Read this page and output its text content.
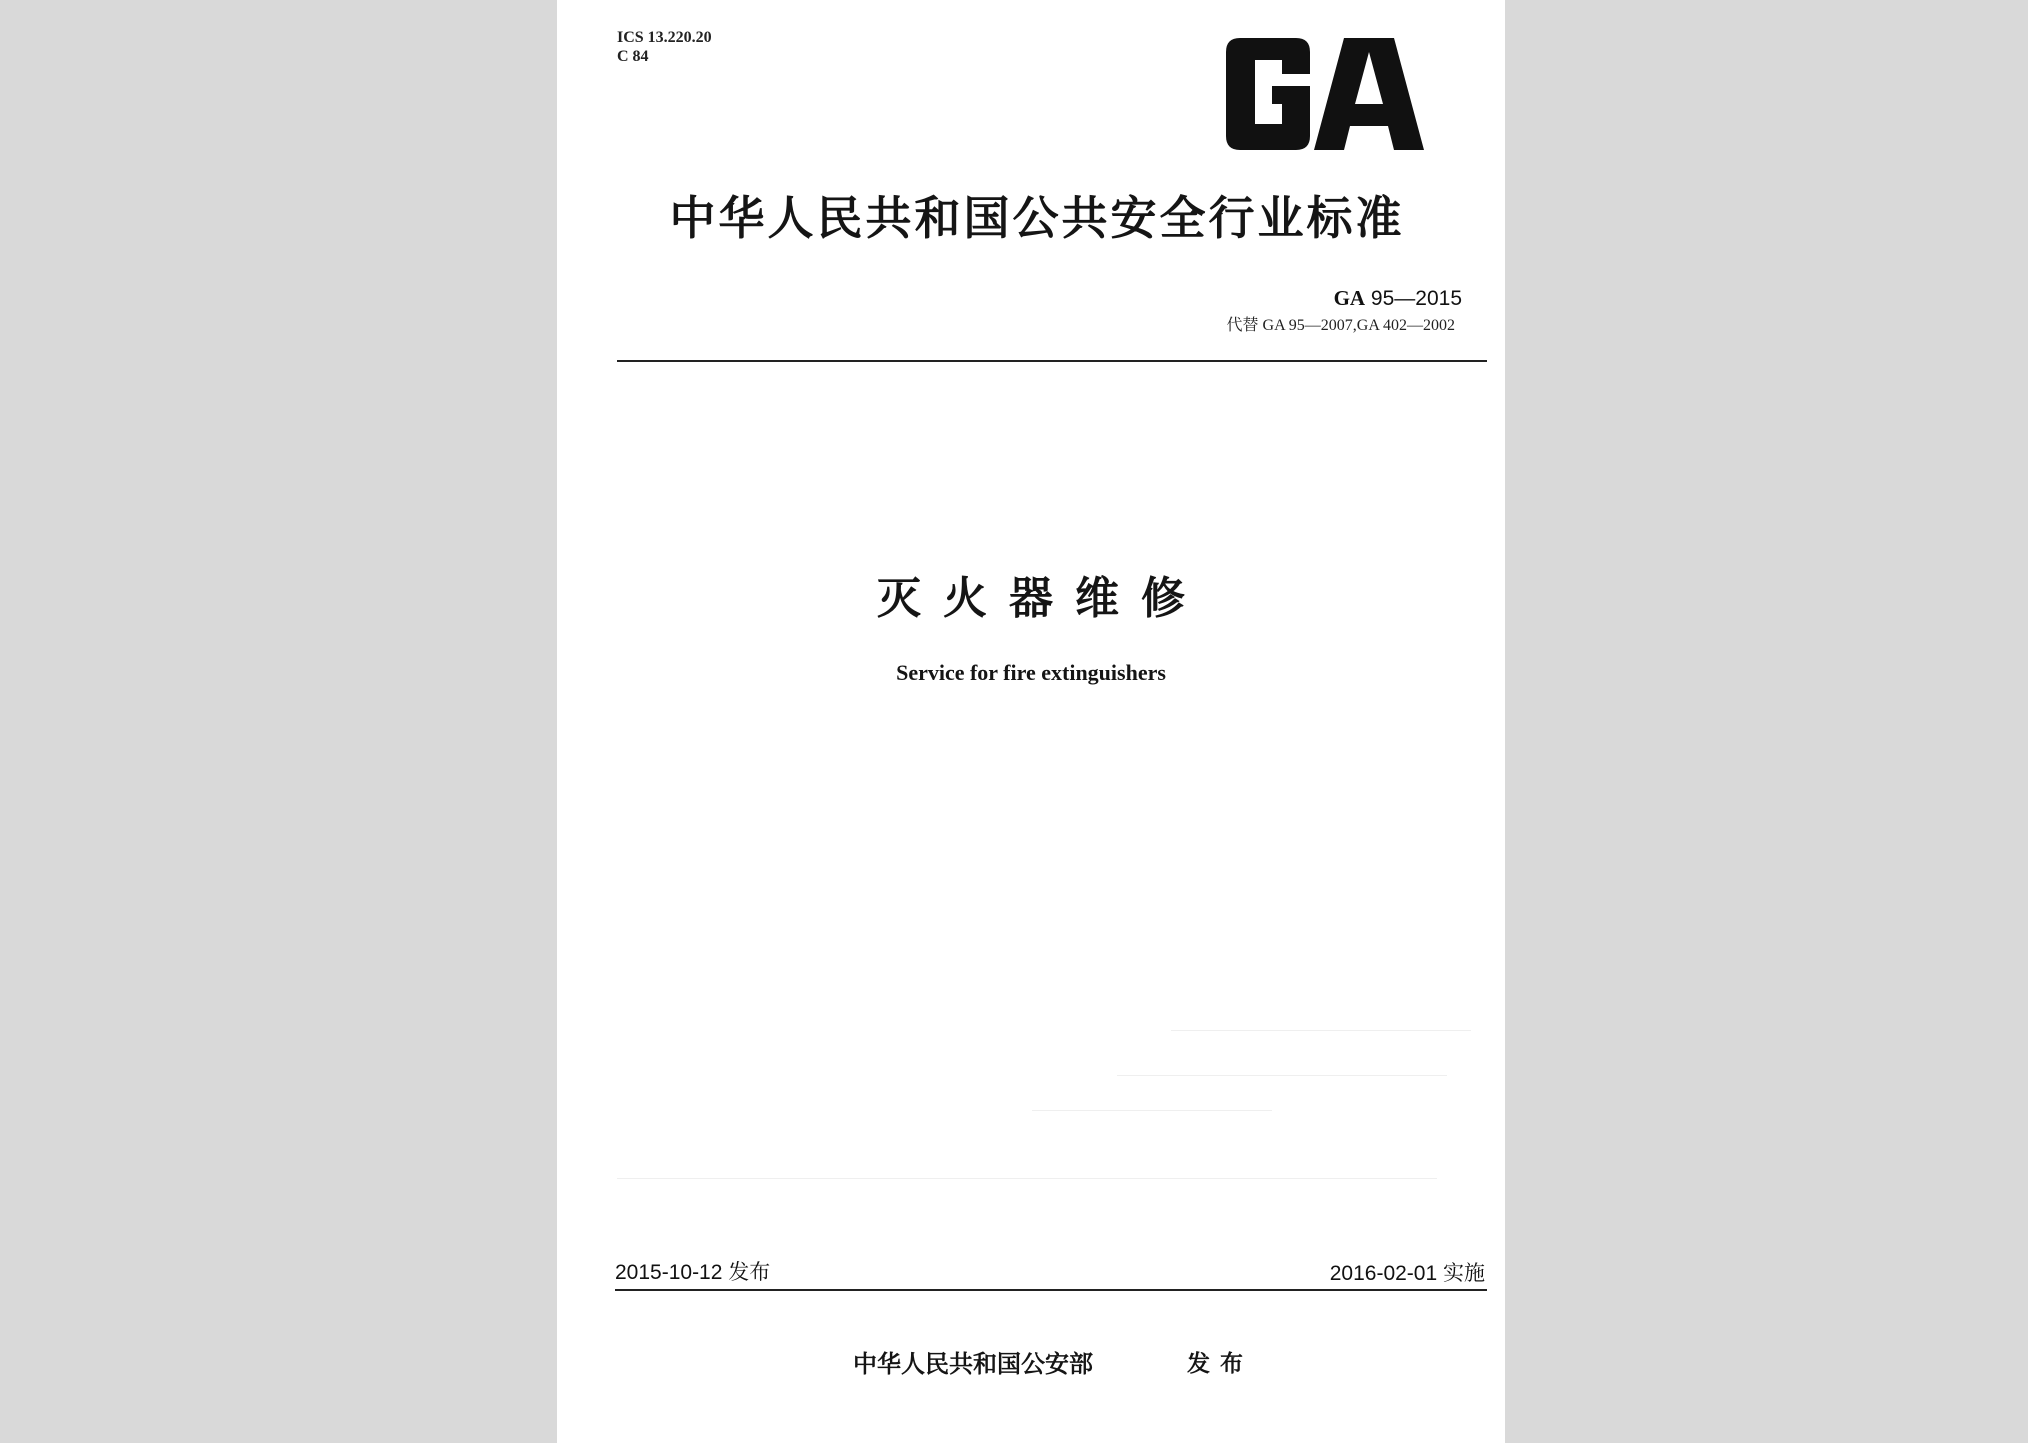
ICS 13.220.20
C 84
中华人民共和国公共安全行业标准
GA 95—2015
代替 GA 95—2007,GA 402—2002
灭火器维修
Service for fire extinguishers
2015-10-12 发布	2016-02-01 实施
中华人民共和国公安部	发布
